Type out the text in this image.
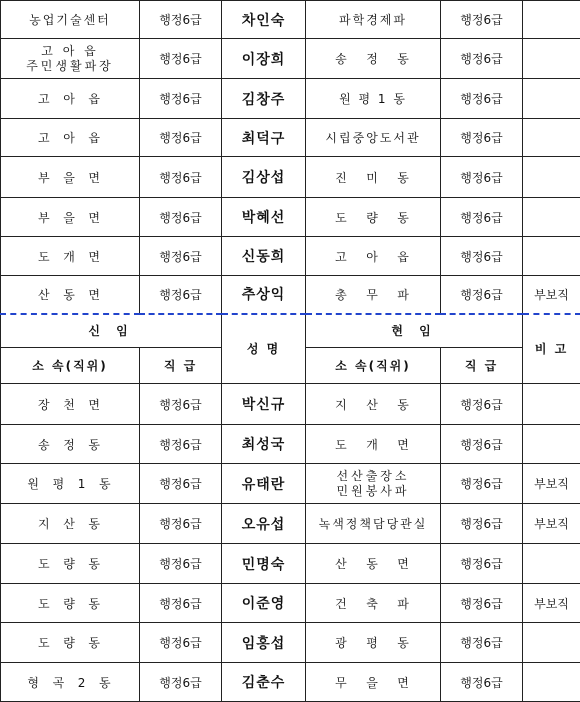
농업기술센터	행정6급	차인숙	파학경제파	행정6급	

고 아 읍
주민생활파장	행정6급	이장희	송   정   동	행정6급	
고  아  읍	행정6급	김창주	원 평 1 동	행정6급	
고  아  읍	행정6급	최덕구	시립중앙도서관	행정6급	
부  을  면	행정6급	김상섭	진   미   동	행정6급	
부  을  면	행정6급	박혜선	도   량   동	행정6급	
도  개  면	행정6급	신동희	고   아   읍	행정6급	
산  동  면	행정6급	추상익	총   무   파	행정6급	부보직
신 임		성 명	현 임		비 고
소 속(직위)	직 급		소 속(직위)	직 급	
장  천  면	행정6급	박신규	지   산   동	행정6급	
송  정  동	행정6급	최성국	도   개   면	행정6급	
원  평  1  동	행정6급	유태란	선산출장소
민원봉사파	행정6급	부보직
지  산  동	행정6급	오유섭	녹색정책담당관실	행정6급	부보직
도  량  동	행정6급	민명숙	산   동   면	행정6급	
도  량  동	행정6급	이준영	건   축   파	행정6급	부보직
도  량  동	행정6급	임홍섭	광   평   동	행정6급	
형  곡  2  동	행정6급	김춘수	무   을   면	행정6급	
